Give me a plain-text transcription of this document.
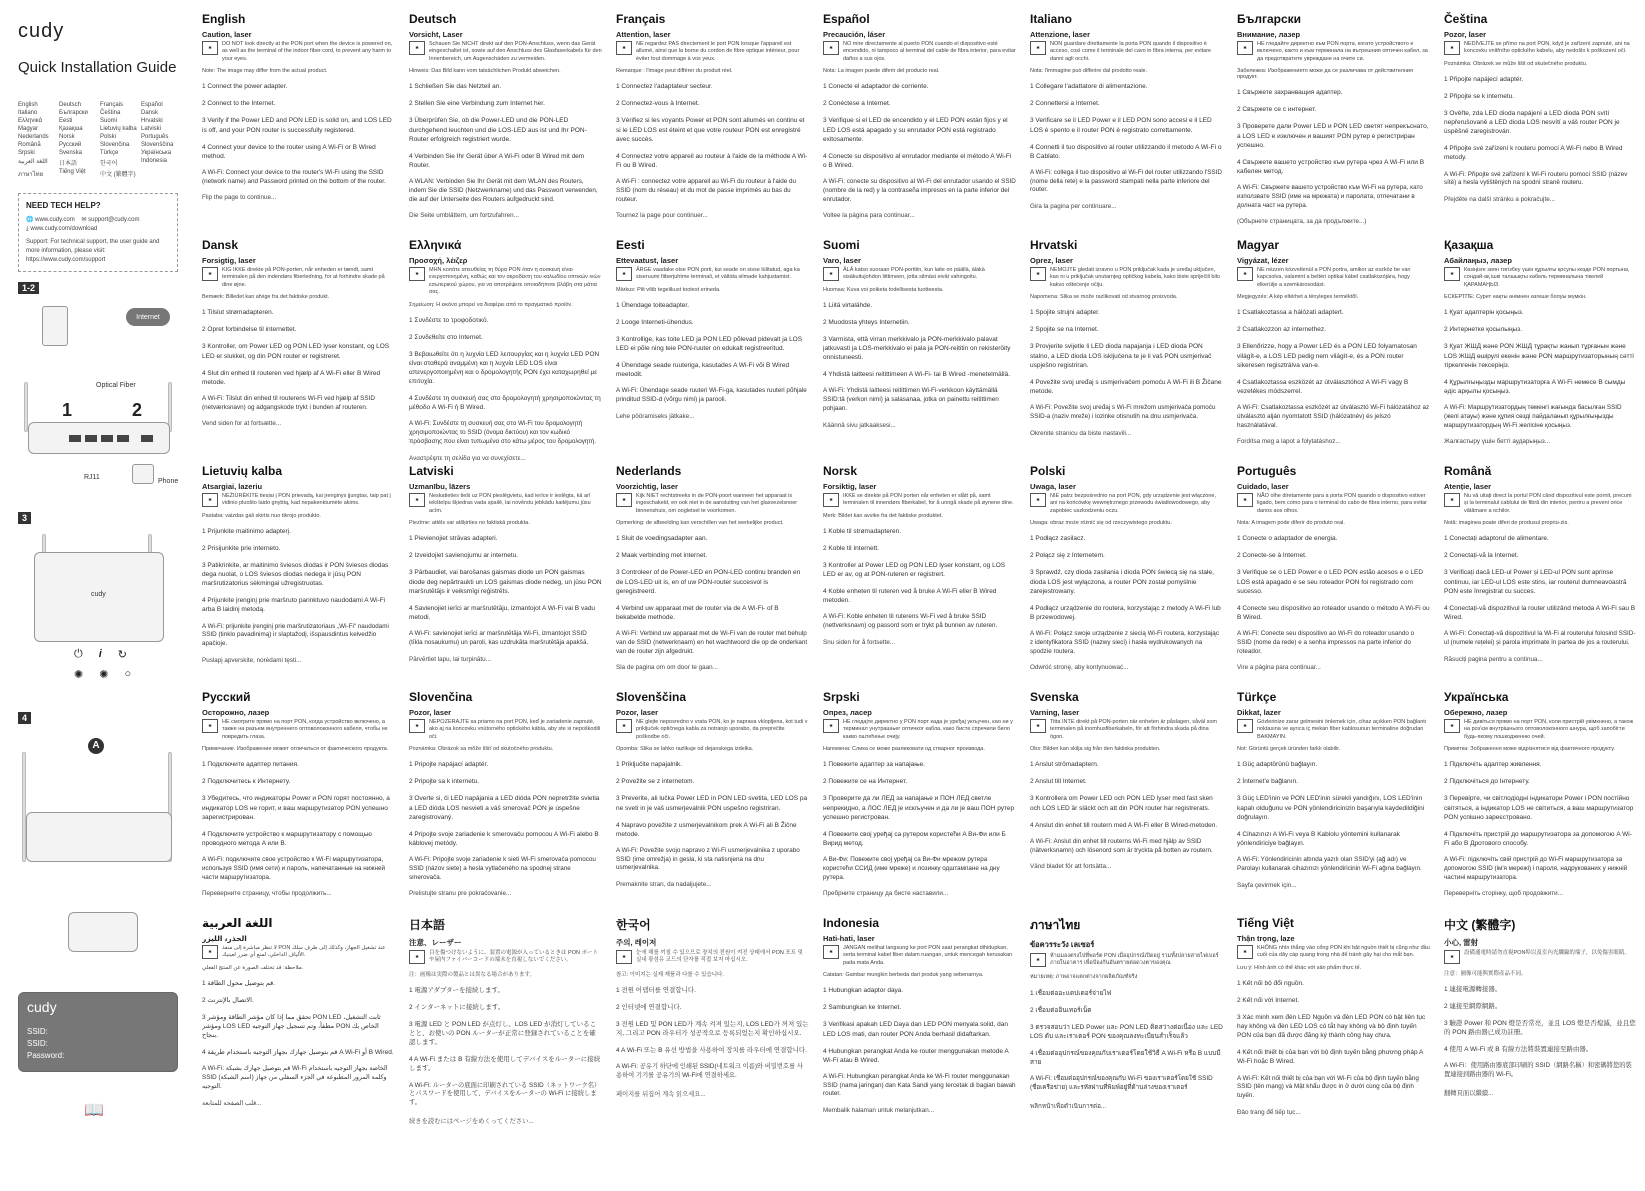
cudy
Quick Installation Guide
English	Deutsch	Français	Español
Italiano	Български	Čeština	Dansk
Ελληνικά	Eesti	Suomi	Hrvatski
Magyar	Қазақша	Lietuvių kalba Latviski
Nederlands	Norsk	Polski	Português
Română	Русский	Slovenčina	Slovenščina
Srpski	Svenska	Türkçe	Українська
اللغة العربية	日本語	한국어	Indonesia
ภาษาไทย	Tiếng Việt	中文 (繁體字)
NEED TECH HELP?
🌐 www.cudy.com ✉ support@cudy.com
⤓ www.cudy.com/download
Support: For technical support, the user guide and more information, please visit: https://www.cudy.com/support
1-2
Internet
Optical Fiber
1	2
RJ11
Phone
3
cudy
⏻ i ↻
✺ ✺ ○
4
A
cudy
SSID:
SSID:
Password:
📖
English
Caution, laser
✱
DO NOT look directly at the PON port when the device is powered on, as well as the terminal of the indoor fiber cord, to prevent any harm to your eyes.
Note: The image may differ from the actual product.
1 Connect the power adapter.
2 Connect to the Internet.
3 Verify if the Power LED and PON LED is solid on, and LOS LED is off, and your PON router is successfully registered.
4 Connect your device to the router using A Wi-Fi or B Wired method.
A Wi-Fi: Connect your device to the router's Wi-Fi using the SSID (network name) and Password printed on the bottom of the router.
Flip the page to continue...
Deutsch
Vorsicht, Laser
✱
Schauen Sie NICHT direkt auf den PON-Anschluss, wenn das Gerät eingeschaltet ist, sowie auf den Anschluss des Glasfaserkabels für den Innenbereich, um Augenschäden zu vermeiden.
Hinweis: Das Bild kann vom tatsächlichen Produkt abweichen.
1 Schließen Sie das Netzteil an.
2 Stellen Sie eine Verbindung zum Internet her.
3 Überprüfen Sie, ob die Power-LED und die PON-LED durchgehend leuchten und die LOS-LED aus ist und Ihr PON-Router erfolgreich registriert wurde.
4 Verbinden Sie Ihr Gerät über A Wi-Fi oder B Wired mit dem Router.
A WLAN: Verbinden Sie Ihr Gerät mit dem WLAN des Routers, indem Sie die SSID (Netzwerkname) und das Passwort verwenden, die auf der Unterseite des Routers aufgedruckt sind.
Die Seite umblättern, um fortzufahren...
Français
Attention, laser
✱
NE regardez PAS directement le port PON lorsque l'appareil est allumé, ainsi que la borne du cordon de fibre optique intérieur, pour éviter tout dommage à vos yeux.
Remarque : l'image peut différer du produit réel.
1 Connectez l'adaptateur secteur.
2 Connectez-vous à Internet.
3 Vérifiez si les voyants Power et PON sont allumés en continu et si le LED LOS est éteint et que votre routeur PON est enregistré avec succès.
4 Connectez votre appareil au routeur à l'aide de la méthode A Wi-Fi ou B Wired.
A Wi-Fi : connectez votre appareil au Wi-Fi du routeur à l'aide du SSID (nom du réseau) et du mot de passe imprimés au bas du routeur.
Tournez la page pour continuer...
Español
Precaución, láser
✱
NO mire directamente al puerto PON cuando el dispositivo esté encendido, ni tampoco al terminal del cable de fibra interior, para evitar daños a sus ojos.
Nota: La imagen puede diferir del producto real.
1 Conecte el adaptador de corriente.
2 Conéctese a Internet.
3 Verifique si el LED de encendido y el LED PON están fijos y el LED LOS está apagado y su enrutador PON está registrado exitosamente.
4 Conecte su dispositivo al enrutador mediante el método A Wi-Fi o B Wired.
A Wi-Fi: conecte su dispositivo al Wi-Fi del enrutador usando el SSID (nombre de la red) y la contraseña impresos en la parte inferior del enrutador.
Voltee la página para continuar...
Italiano
Attenzione, laser
✱
NON guardare direttamente la porta PON quando il dispositivo è acceso, così come il terminale del cavo in fibra interna, per evitare danni agli occhi.
Nota: l'immagine può differire dal prodotto reale.
1 Collegare l'adattatore di alimentazione.
2 Connettersi a Internet.
3 Verificare se il LED Power e il LED PON sono accesi e il LED LOS è spento e il router PON è registrato correttamente.
4 Connetti il tuo dispositivo al router utilizzando il metodo A Wi-Fi o B Cablato.
A Wi-Fi: collega il tuo dispositivo al Wi-Fi del router utilizzando l'SSID (nome della rete) e la password stampati nella parte inferiore del router.
Gira la pagina per continuare...
Български
Внимание, лазер
✱
НЕ гледайте директно към PON порта, когато устройството е включено, както и към терминала на вътрешния оптичен кабел, за да предотвратите увреждане на очите си.
Забележка: Изображението може да се различава от действителния продукт.
1 Свържете захранващия адаптер.
2 Свържете се с интернет.
3 Проверете дали Power LED и PON LED светят непрекъснато, а LOS LED е изключен и вашият PON рутер е регистриран успешно.
4 Свържете вашето устройство към рутера чрез A Wi-Fi или B кабелен метод.
A Wi-Fi: Свържете вашето устройство към Wi-Fi на рутера, като използвате SSID (име на мрежата) и паролата, отпечатани в долната част на рутера.
(Обърнете страницата, за да продължите...)
Čeština
Pozor, laser
✱
NEDÍVEJTE se přímo na port PON, když je zařízení zapnuté, ani na koncovku vnitřního optického kabelu, aby nedošlo k poškození očí.
Poznámka: Obrázek se může lišit od skutečného produktu.
1 Připojte napájecí adaptér.
2 Připojte se k internetu.
3 Ověřte, zda LED dioda napájení a LED dioda PON svítí nepřerušovaně a LED dioda LOS nesvítí a váš router PON je úspěšně zaregistrován.
4 Připojte své zařízení k routeru pomocí A Wi-Fi nebo B Wired metody.
A Wi-Fi: Připojte své zařízení k Wi-Fi routeru pomocí SSID (název sítě) a hesla vytištěných na spodní straně routeru.
Přejděte na další stránku a pokračujte...
Dansk
Forsigtig, laser
✱
KIG IKKE direkte på PON-porten, når enheden er tændt, samt terminalen på den indendørs fiberledning, for at forhindre skade på dine øjne.
Bemærk: Billedet kan afvige fra det faktiske produkt.
1 Tilslut strømadapteren.
2 Opret forbindelse til internettet.
3 Kontroller, om Power LED og PON LED lyser konstant, og LOS LED er slukket, og din PON router er registreret.
4 Slut din enhed til routeren ved hjælp af A Wi-Fi eller B Wired metode.
A Wi-Fi: Tilslut din enhed til routerens Wi-Fi ved hjælp af SSID (netværksnavn) og adgangskode trykt i bunden af routeren.
Vend siden for at fortsætte...
Ελληνικά
Προσοχή, λέιζερ
✱
ΜΗΝ κοιτάτε απευθείας τη θύρα PON όταν η συσκευή είναι ενεργοποιημένη, καθώς και τον ακροδέκτη του καλωδίου οπτικών ινών εσωτερικού χώρου, για να αποτρέψετε οποιαδήποτε βλάβη στα μάτια σας.
Σημείωση: Η εικόνα μπορεί να διαφέρει από το πραγματικό προϊόν.
1 Συνδέστε το τροφοδοτικό.
2 Συνδεθείτε στο Internet.
3 Βεβαιωθείτε ότι η λυχνία LED λειτουργίας και η λυχνία LED PON είναι σταθερά αναμμένη και η λυχνία LED LOS είναι απενεργοποιημένη και ο δρομολογητής PON έχει καταχωρηθεί με επιτυχία.
4 Συνδέστε τη συσκευή σας στο δρομολογητή χρησιμοποιώντας τη μέθοδο A Wi-Fi ή B Wired.
A Wi-Fi: Συνδέστε τη συσκευή σας στο Wi-Fi του δρομολογητή χρησιμοποιώντας το SSID (όνομα δικτύου) και τον κωδικό πρόσβασης που είναι τυπωμένα στο κάτω μέρος του δρομολογητή.
Αναστρέψτε τη σελίδα για να συνεχίσετε...
Eesti
Ettevaatust, laser
✱
ÄRGE vaadake otse PON porti, kui seade on sisse lülitatud, aga ka siseruumi fiiberjuhtme terminali, et vältida silmade kahjustamist.
Märkus: Pilt võib tegelikust tootest erineda.
1 Ühendage toiteadapter.
2 Looge Interneti-ühendus.
3 Kontrollige, kas toite LED ja PON LED põlevad pidevalt ja LOS LED ei põle ning teie PON-ruuter on edukalt registreeritud.
4 Ühendage seade ruuteriga, kasutades A Wi-Fi või B Wired meetodit.
A Wi-Fi: Ühendage seade ruuteri Wi-Fi-ga, kasutades ruuteri põhjale prinditud SSID-d (võrgu nimi) ja parooli.
Lehe pööramiseks jätkake...
Suomi
Varo, laser
✱
ÄLÄ katso suoraan PON-porttiin, kun laite on päällä, äläkä sisäkuitujohdon liittimeen, jotta silmäsi eivät vahingoitu.
Huomaa: Kuva voi poiketa todellisesta tuotteesta.
1 Liitä virtalähde.
2 Muodosta yhteys Internetiin.
3 Varmista, että virran merkkivalo ja PON-merkkivalo palavat jatkuvasti ja LOS-merkkivalo ei pala ja PON-reititin on rekisteröity onnistuneesti.
4 Yhdistä laitteesi reitittimeen A Wi-Fi- tai B Wired -menetelmällä.
A Wi-Fi: Yhdistä laitteesi reitittimen Wi-Fi-verkkoon käyttämällä SSID:tä (verkon nimi) ja salasanaa, jotka on painettu reitittimen pohjaan.
Käännä sivu jatkaaksesi...
Hrvatski
Oprez, laser
✱
NEMOJTE gledati izravno u PON priključak kada je uređaj uključen, kao ni u priključak unutarnjeg optičkog kabela, kako biste spriječili bilo kakvo oštećenje očiju.
Napomena: Slika se može razlikovati od stvarnog proizvoda.
1 Spojite strujni adapter.
2 Spojite se na Internet.
3 Provjerite svijetle li LED dioda napajanja i LED dioda PON stalno, a LED dioda LOS isključena te je li vaš PON usmjerivač uspješno registriran.
4 Povežite svoj uređaj s usmjerivačem pomoću A Wi-Fi ili B Žičane metode.
A Wi-Fi: Povežite svoj uređaj s Wi-Fi mrežom usmjerivača pomoću SSID-a (naziv mreže) i lozinke otisnutih na dnu usmjerivača.
Okrenite stranicu da biste nastavili...
Magyar
Vigyázat, lézer
✱
NE nézzen közvetlenül a PON portra, amikor az eszköz be van kapcsolva, valamint a beltéri optikai kábel csatlakozójára, hogy elkerülje a szemkárosodást.
Megjegyzés: A kép eltérhet a tényleges terméktől.
1 Csatlakoztassa a hálózati adaptert.
2 Csatlakozzon az internethez.
3 Ellenőrizze, hogy a Power LED és a PON LED folyamatosan világít-e, a LOS LED pedig nem világít-e, és a PON router sikeresen regisztrálva van-e.
4 Csatlakoztassa eszközét az útválasztóhoz A Wi-Fi vagy B vezetékes módszerrel.
A Wi-Fi: Csatlakoztassa eszközét az útválasztó Wi-Fi hálózatához az útválasztó alján nyomtatott SSID (hálózatnév) és jelszó használatával.
Fordítsa meg a lapot a folytatáshoz...
Қазақша
Абайлаңыз, лазер
✱
Көзіңізге зиян тигізбеу үшін құрылғы қосулы кезде PON портына, сондай-ақ ішкі талшықты кабель терминалына тікелей ҚАРАМАҢЫЗ.
ЕСКЕРТПЕ: Сурет нақты өнімнен өзгеше болуы мүмкін.
1 Қуат адаптерін қосыңыз.
2 Интернетке қосылыңыз.
3 Қуат ЖШД және PON ЖШД тұрақты жанып тұрғанын және LOS ЖШД өшірулі екенін және PON маршрутизаторының сәтті тіркелгенін тексеріңіз.
4 Құрылғыңызды маршрутизаторға A Wi-Fi немесе B сымды әдіс арқылы қосыңыз.
A Wi-Fi: Маршрутизатордың төменгі жағында басылған SSID (желі атауы) және құпия сөзді пайдаланып құрылғыңызды маршрутизатордың Wi-Fi желісіне қосыңыз.
Жалғастыру үшін бетті аударыңыз...
Lietuvių kalba
Atsargiai, lazeriu
✱
NEŽIŪRĖKITE tiesiai į PON prievadą, kai įrenginys įjungtas, taip pat į vidinio pluošto laido gnybtą, kad nepakenktumėte akims.
Pastaba: vaizdas gali skirtis nuo tikrojo produkto.
1 Prijunkite maitinimo adapterį.
2 Prisijunkite prie interneto.
3 Patikrinkite, ar maitinimo šviesos diodas ir PON šviesos diodas dega nuolat, o LOS šviesos diodas nedega ir jūsų PON maršrutizatorius sėkmingai užregistruotas.
4 Prijunkite įrenginį prie maršruto parinktuvo naudodami A Wi-Fi arba B laidinį metodą.
A Wi-Fi: prijunkite įrenginį prie maršrutizatoriaus „Wi-Fi“ naudodami SSID (tinklo pavadinimą) ir slaptažodį, išspausdintus kelvedžio apačioje.
Puslapį apverskite, norėdami tęsti...
Latviski
Uzmanību, lāzers
✱
Neskatieties tieši uz PON pieslēgvietu, kad ierīce ir ieslēgta, kā arī iekštelpu šķiedras vada spailē, lai novērstu jebkādu kaitējumu jūsu acīm.
Piezīme: attēls var atšķirties no faktiskā produkta.
1 Pievienojiet strāvas adapteri.
2 Izveidojiet savienojumu ar internetu.
3 Pārbaudiet, vai barošanas gaismas diode un PON gaismas diode deg nepārtraukti un LOS gaismas diode nedeg, un jūsu PON maršrutētājs ir veiksmīgi reģistrēts.
4 Savienojiet ierīci ar maršrutētāju, izmantojot A Wi-Fi vai B vadu metodi.
A Wi-Fi: savienojiet ierīci ar maršrutētāja Wi-Fi, izmantojot SSID (tīkla nosaukumu) un paroli, kas uzdrukāta maršrutētāja apakšā.
Pārvērtiet lapu, lai turpinātu...
Nederlands
Voorzichtig, laser
✱
Kijk NIET rechtstreeks in de PON-poort wanneer het apparaat is ingeschakeld, en ook niet in de aansluiting van het glasvezelsnoer binnenshuis, om oogletsel te voorkomen.
Opmerking: de afbeelding kan verschillen van het werkelijke product.
1 Sluit de voedingsadapter aan.
2 Maak verbinding met internet.
3 Controleer of de Power-LED en PON-LED continu branden en de LOS-LED uit is, en of uw PON-router succesvol is geregistreerd.
4 Verbind uw apparaat met de router via de A Wi-Fi- of B bekabelde methode.
A Wi-Fi: Verbind uw apparaat met de Wi-Fi van de router met behulp van de SSID (netwerknaam) en het wachtwoord die op de onderkant van de router zijn afgedrukt.
Sla de pagina om om door te gaan...
Norsk
Forsiktig, laser
✱
IKKE se direkte på PON porten når enheten er slått på, samt terminalen til innendørs fiberkabel, for å unngå skade på øynene dine.
Merk: Bildet kan avvike fra det faktiske produktet.
1 Koble til strømadapteren.
2 Koble til Internett.
3 Kontroller at Power LED og PON LED lyser konstant, og LOS LED er av, og at PON-ruteren er registrert.
4 Koble enheten til ruteren ved å bruke A Wi-Fi eller B Wired metoden.
A Wi-Fi: Koble enheten til ruterens Wi-Fi ved å bruke SSID (nettverksnavn) og passord som er trykt på bunnen av ruteren.
Snu siden for å fortsette...
Polski
Uwaga, laser
✱
NIE patrz bezpośrednio na port PON, gdy urządzenie jest włączone, ani na końcówkę wewnętrznego przewodu światłowodowego, aby zapobiec uszkodzeniu oczu.
Uwaga: obraz może różnić się od rzeczywistego produktu.
1 Podłącz zasilacz.
2 Połącz się z Internetem.
3 Sprawdź, czy dioda zasilania i dioda PON świecą się na stałe, dioda LOS jest wyłączona, a router PON został pomyślnie zarejestrowany.
4 Podłącz urządzenie do routera, korzystając z metody A Wi-Fi lub B przewodowej.
A Wi-Fi: Połącz swoje urządzenie z siecią Wi-Fi routera, korzystając z identyfikatora SSID (nazwy sieci) i hasła wydrukowanych na spodzie routera.
Odwróć stronę, aby kontynuować...
Português
Cuidado, laser
✱
NÃO olhe diretamente para a porta PON quando o dispositivo estiver ligado, bem como para o terminal do cabo de fibra interno, para evitar danos aos olhos.
Nota: A imagem pode diferir do produto real.
1 Conecte o adaptador de energia.
2 Conecte-se à Internet.
3 Verifique se o LED Power e o LED PON estão acesos e o LED LOS está apagado e se seu roteador PON foi registrado com sucesso.
4 Conecte seu dispositivo ao roteador usando o método A Wi-Fi ou B Wired.
A Wi-Fi: Conecte seu dispositivo ao Wi-Fi do roteador usando o SSID (nome da rede) e a senha impressos na parte inferior do roteador.
Vire a página para continuar...
Română
Atenție, laser
✱
Nu vă uitați direct la portul PON când dispozitivul este pornit, precum și la terminalul cablului de fibră din interior, pentru a preveni orice vătămare a ochilor.
Notă: imaginea poate diferi de produsul propriu-zis.
1 Conectați adaptorul de alimentare.
2 Conectați-vă la Internet.
3 Verificați dacă LED-ul Power și LED-ul PON sunt aprinse continuu, iar LED-ul LOS este stins, iar routerul dumneavoastră PON este înregistrat cu succes.
4 Conectați-vă dispozitivul la router utilizând metoda A Wi-Fi sau B Wired.
A Wi-Fi: Conectați-vă dispozitivul la Wi-Fi al routerului folosind SSID-ul (numele rețelei) și parola imprimate în partea de jos a routerului.
Răsuciți pagina pentru a continua...
Русский
Осторожно, лазер
✱
НЕ смотрите прямо на порт PON, когда устройство включено, а также на разъем внутреннего оптоволоконного кабеля, чтобы не повредить глаза.
Примечание. Изображение может отличаться от фактического продукта.
1 Подключите адаптер питания.
2 Подключитесь к Интернету.
3 Убедитесь, что индикаторы Power и PON горят постоянно, а индикатор LOS не горит, и ваш маршрутизатор PON успешно зарегистрирован.
4 Подключите устройство к маршрутизатору с помощью проводного метода A или B.
A Wi-Fi: подключите свое устройство к Wi-Fi маршрутизатора, используя SSID (имя сети) и пароль, напечатанные на нижней части маршрутизатора.
Переверните страницу, чтобы продолжить...
Slovenčina
Pozor, laser
✱
NEPOZERAJTE sa priamo na port PON, keď je zariadenie zapnuté, ako aj na koncovku vnútorného optického kábla, aby ste si nepoškodili oči.
Poznámka: Obrázok sa môže líšiť od skutočného produktu.
1 Pripojte napájací adaptér.
2 Pripojte sa k internetu.
3 Overte si, či LED napájania a LED dióda PON nepretržite svietia a LED dióda LOS nesvieti a váš smerovač PON je úspešne zaregistrovaný.
4 Pripojte svoje zariadenie k smerovaču pomocou A Wi-Fi alebo B káblovej metódy.
A Wi-Fi: Pripojte svoje zariadenie k sieti Wi-Fi smerovača pomocou SSID (názov siete) a hesla vytlačeného na spodnej strane smerovača.
Prelistujte stranu pre pokračovanie...
Slovenščina
Pozor, laser
✱
NE glejte neposredno v vrata PON, ko je naprava vklopljena, kot tudi v priključek optičnega kabla za notranjo uporabo, da preprečite poškodbe oči.
Opomba: Slika se lahko razlikuje od dejanskega izdelka.
1 Priključite napajalnik.
2 Povežite se z internetom.
3 Preverite, ali lučka Power LED in PON LED svetita, LED LOS pa ne sveti in je vaš usmerjevalnik PON uspešno registriran.
4 Napravo povežite z usmerjevalnikom prek A Wi-Fi ali B Žične metode.
A Wi-Fi: Povežite svojo napravo z Wi-Fi usmerjevalnika z uporabo SSID (ime omrežja) in gesla, ki sta natisnjena na dnu usmerjevalnika.
Premaknite stran, da nadaljujete...
Srpski
Опрез, ласер
✱
НЕ гледајте директно у PON порт када је уређај укључен, као ни у терминал унутрашњег оптичког кабла, како бисте спречили било какво оштећење очију.
Напомена: Слика се може разликовати од стварног производа.
1 Повежите адаптер за напајање.
2 Повежите се на Интернет.
3 Проверите да ли ЛЕД за напајање и ПОН ЛЕД светле непрекидно, а ЛОС ЛЕД је искључен и да ли је ваш ПОН рутер успешно регистрован.
4 Повежите свој уређај са рутером користећи A Ви-Фи или Б Вирид метод.
A Ви-Фи: Повежите свој уређај са Ви-Фи мрежом рутера користећи ССИД (име мреже) и лозинку одштампане на дну рутера.
Пребрните страницу да бисте наставили...
Svenska
Varning, laser
✱
Titta INTE direkt på PON-porten när enheten är påslagen, såväl som terminalen på inomhusfiberkabeln, för att förhindra skada på dina ögon.
Obs: Bilden kan skilja sig från den faktiska produkten.
1 Anslut strömadaptern.
2 Anslut till Internet.
3 Kontrollera om Power LED och PON LED lyser med fast sken och LOS LED är släckt och att din PON router har registrerats.
4 Anslut din enhet till routern med A Wi-Fi eller B Wired-metoden.
A Wi-Fi: Anslut din enhet till routerns Wi-Fi med hjälp av SSID (nätverksnamn) och lösenord som är tryckta på botten av routern.
Vänd bladet för att fortsätta...
Türkçe
Dikkat, lazer
✱
Gözlerinize zarar gelmesini önlemek için, cihaz açıkken PON bağlantı noktasına ve ayrıca iç mekan fiber kablosunun terminaline doğrudan BAKMAYIN.
Not: Görüntü gerçek üründen farklı olabilir.
1 Güç adaptörünü bağlayın.
2 İnternet'e bağlanın.
3 Güç LED'inin ve PON LED'inin sürekli yandığını, LOS LED'inin kapalı olduğunu ve PON yönlendiricinizin başarıyla kaydedildiğini doğrulayın.
4 Cihazınızı A Wi-Fi veya B Kablolu yöntemini kullanarak yönlendiriciye bağlayın.
A Wi-Fi: Yönlendiricinin altında yazılı olan SSID'yi (ağ adı) ve Parolayı kullanarak cihazınızı yönlendiricinin Wi-Fi ağına bağlayın.
Sayfa çevirmek için...
Українська
Обережно, лазер
✱
НЕ дивіться прямо на порт PON, коли пристрій увімкнено, а також на роз'єм внутрішнього оптоволоконного шнура, щоб запобігти будь-якому пошкодженню очей.
Примітка: Зображення може відрізнятися від фактичного продукту.
1 Підключіть адаптер живлення.
2 Підключіться до Інтернету.
3 Перевірте, чи світлодіодні індикатори Power і PON постійно світяться, а індикатор LOS не світиться, а ваш маршрутизатор PON успішно зареєстровано.
4 Підключіть пристрій до маршрутизатора за допомогою A Wi-Fi або B Дротового способу.
A Wi-Fi: підключіть свій пристрій до Wi-Fi маршрутизатора за допомогою SSID (ім'я мережі) і пароля, надрукованих у нижній частині маршрутизатора.
Переверніть сторінку, щоб продовжити...
اللغة العربية
الحذر، الليزر
✱
لا تنظر مباشرة إلى منفذ PON عند تشغيل الجهاز، وكذلك إلى طرف سلك الألياف الداخلي، لمنع أي ضرر لعينيك.
ملاحظة: قد تختلف الصورة عن المنتج الفعلي.
1 قم بتوصيل محول الطاقة.
2 الاتصال بالإنترنت.
3 تحقق مما إذا كان مؤشر الطاقة ومؤشر PON LED ثابت التشغيل، ومؤشر LOS LED مطفأ، وتم تسجيل جهاز التوجيه PON الخاص بك بنجاح.
4 قم بتوصيل جهازك بجهاز التوجيه باستخدام طريقة A Wi-Fi أو B Wired.
A Wi-Fi: قم بتوصيل جهازك بشبكة Wi-Fi الخاصة بجهاز التوجيه باستخدام SSID (اسم الشبكة) وكلمة المرور المطبوعة في الجزء السفلي من جهاز التوجيه.
قلب الصفحة للمتابعة...
日本語
注意、レーザー
✱
目を傷つけないように、装置の電源が入っているときは PON ポートや屋内ファイバーコードの端末を直視しないでください。
注：画像は実際の製品とは異なる場合があります。
1 電源アダプターを接続します。
2 インターネットに接続します。
3 電源 LED と PON LED が点灯し、LOS LED が消灯していることと、お使いの PON ルーターが正常に登録されていることを確認します。
4 A Wi-Fi または B 有線方法を使用してデバイスをルーターに接続します。
A Wi-Fi: ルーターの底面に印刷されている SSID（ネットワーク名）とパスワードを使用して、デバイスをルーターの Wi-Fi に接続します。
続きを読むにはページをめくってください...
한국어
주의, 레이저
✱
눈에 해를 끼칠 수 있으므로 장치의 전원이 켜진 상태에서 PON 포트 및 실내 광섬유 코드의 단자를 직접 보지 마십시오.
참고: 이미지는 실제 제품과 다를 수 있습니다.
1 전원 어댑터를 연결합니다.
2 인터넷에 연결합니다.
3 전원 LED 및 PON LED가 계속 켜져 있는지, LOS LED가 꺼져 있는지, 그리고 PON 라우터가 성공적으로 등록되었는지 확인하십시오.
4 A Wi-Fi 또는 B 유선 방법을 사용하여 장치를 라우터에 연결합니다.
A Wi-Fi: 공유기 하단에 인쇄된 SSID(네트워크 이름)와 비밀번호를 사용하여 기기를 공유기의 Wi-Fi에 연결하세요.
페이지를 뒤집어 계속 읽으세요...
Indonesia
Hati-hati, laser
✱
JANGAN melihat langsung ke port PON saat perangkat dihidupkan, serta terminal kabel fiber dalam ruangan, untuk mencegah kerusakan pada mata Anda.
Catatan: Gambar mungkin berbeda dari produk yang sebenarnya.
1 Hubungkan adaptor daya.
2 Sambungkan ke Internet.
3 Verifikasi apakah LED Daya dan LED PON menyala solid, dan LED LOS mati, dan router PON Anda berhasil didaftarkan.
4 Hubungkan perangkat Anda ke router menggunakan metode A Wi-Fi atau B Wired.
A Wi-Fi: Hubungkan perangkat Anda ke Wi-Fi router menggunakan SSID (nama jaringan) dan Kata Sandi yang tercetak di bagian bawah router.
Membalik halaman untuk melanjutkan...
ภาษาไทย
ข้อควรระวัง เลเซอร์
✱
ห้ามมองตรงไปที่พอร์ต PON เมื่ออุปกรณ์เปิดอยู่ รวมทั้งปลายสายไฟเบอร์ภายในอาคาร เพื่อป้องกันอันตรายต่อดวงตาของคุณ
หมายเหตุ: ภาพอาจแตกต่างจากผลิตภัณฑ์จริง
1 เชื่อมต่ออะแดปเตอร์จ่ายไฟ
2 เชื่อมต่ออินเทอร์เน็ต
3 ตรวจสอบว่า LED Power และ PON LED ติดสว่างต่อเนื่อง และ LED LOS ดับ และเราเตอร์ PON ของคุณลงทะเบียนสำเร็จแล้ว
4 เชื่อมต่ออุปกรณ์ของคุณกับเราเตอร์โดยใช้วิธี A Wi-Fi หรือ B แบบมีสาย
A Wi-Fi: เชื่อมต่ออุปกรณ์ของคุณกับ Wi-Fi ของเราเตอร์โดยใช้ SSID (ชื่อเครือข่าย) และรหัสผ่านที่พิมพ์อยู่ที่ด้านล่างของเราเตอร์
พลิกหน้าเพื่อดำเนินการต่อ...
Tiếng Việt
Thận trọng, laze
✱
KHÔNG nhìn thẳng vào cổng PON khi bật nguồn thiết bị cũng như đầu cuối của dây cáp quang trong nhà để tránh gây hại cho mắt bạn.
Lưu ý: Hình ảnh có thể khác với sản phẩm thực tế.
1 Kết nối bộ đổi nguồn.
2 Kết nối với Internet.
3 Xác minh xem đèn LED Nguồn và đèn LED PON có bật liên tục hay không và đèn LED LOS có tắt hay không và bộ định tuyến PON của bạn đã được đăng ký thành công hay chưa.
4 Kết nối thiết bị của bạn với bộ định tuyến bằng phương pháp A Wi-Fi hoặc B Wired.
A Wi-Fi: Kết nối thiết bị của bạn với Wi-Fi của bộ định tuyến bằng SSID (tên mạng) và Mật khẩu được in ở dưới cùng của bộ định tuyến.
Đảo trang để tiếp tục...
中文 (繁體字)
小心, 雷射
✱
設備通電時請勿直視PON埠以及室內光纖線的端子，以免傷害眼睛。
注意：圖像可能與實際產品不同。
1 連接電源轉接器。
2 連接至網際網路。
3 驗證 Power 和 PON 燈是否常亮，並且 LOS 燈是否熄滅，並且您的 PON 路由器已成功註冊。
4 使用 A Wi-Fi 或 B 有線方法將裝置連接至路由器。
A Wi-Fi：使用路由器底部印刷的 SSID（網路名稱）和密碼將您的裝置連接到路由器的 Wi-Fi。
翻轉頁面以繼續...
